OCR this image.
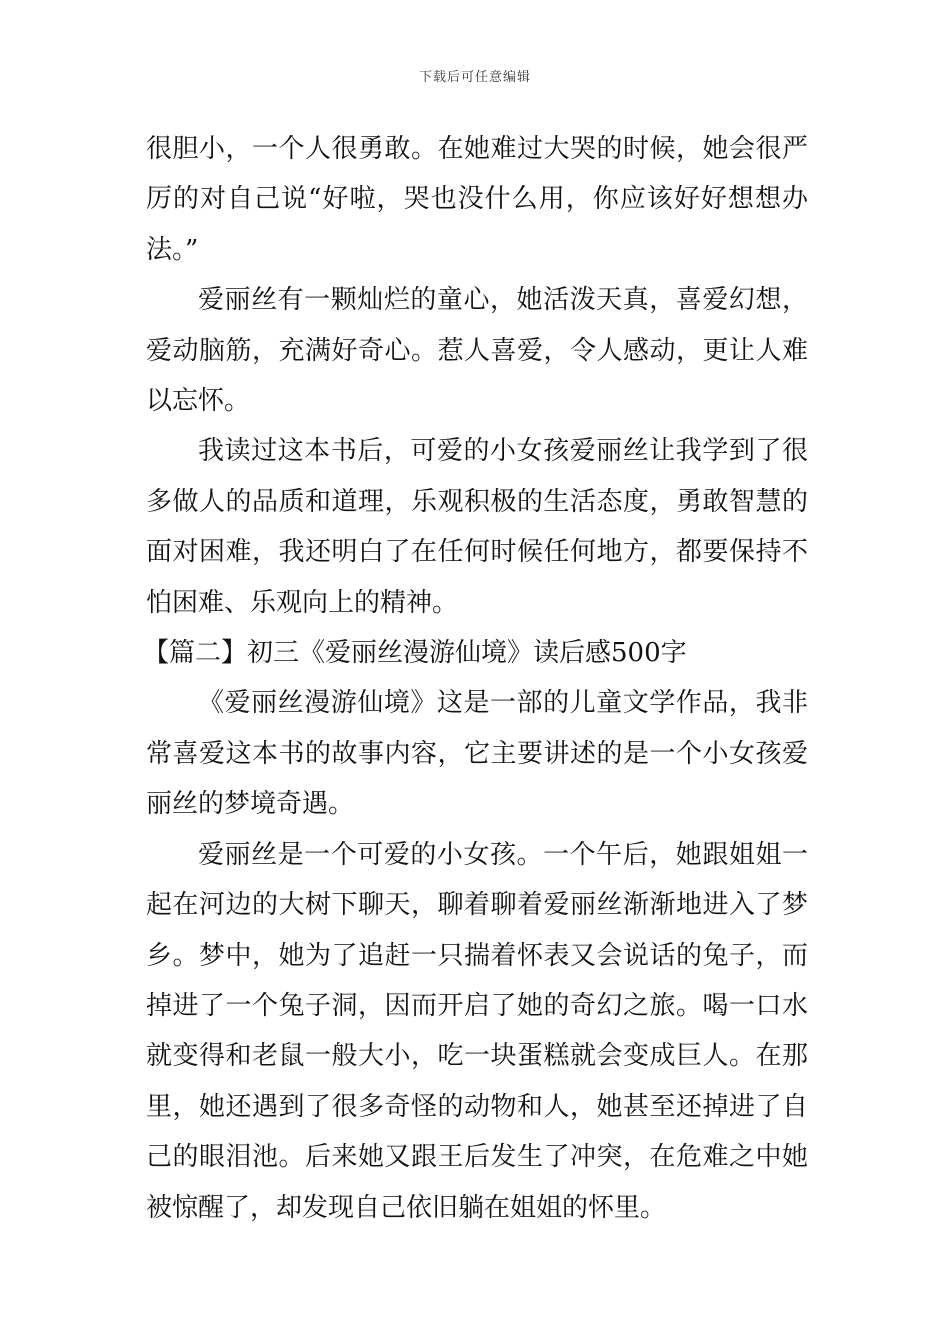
下载后可任意编辑

很胆小，一个人很勇敢。在她难过大哭的时候，她会很严厉的对自己说“好啦，哭也没什么用，你应该好好想想办法。”

爱丽丝有一颗灿烂的童心，她活泼天真，喜爱幻想，爱动脑筋，充满好奇心。惹人喜爱，令人感动，更让人难以忘怀。

我读过这本书后，可爱的小女孩爱丽丝让我学到了很多做人的品质和道理，乐观积极的生活态度，勇敢智慧的面对困难，我还明白了在任何时候任何地方，都要保持不怕困难、乐观向上的精神。

【篇二】初三《爱丽丝漫游仙境》读后感500字

《爱丽丝漫游仙境》这是一部的儿童文学作品，我非常喜爱这本书的故事内容，它主要讲述的是一个小女孩爱丽丝的梦境奇遇。

爱丽丝是一个可爱的小女孩。一个午后，她跟姐姐一起在河边的大树下聊天，聊着聊着爱丽丝渐渐地进入了梦乡。梦中，她为了追赶一只揣着怀表又会说话的兔子，而掉进了一个兔子洞，因而开启了她的奇幻之旅。喝一口水就变得和老鼠一般大小，吃一块蛋糕就会变成巨人。在那里，她还遇到了很多奇怪的动物和人，她甚至还掉进了自己的眼泪池。后来她又跟王后发生了冲突，在危难之中她被惊醒了，却发现自己依旧躺在姐姐的怀里。
